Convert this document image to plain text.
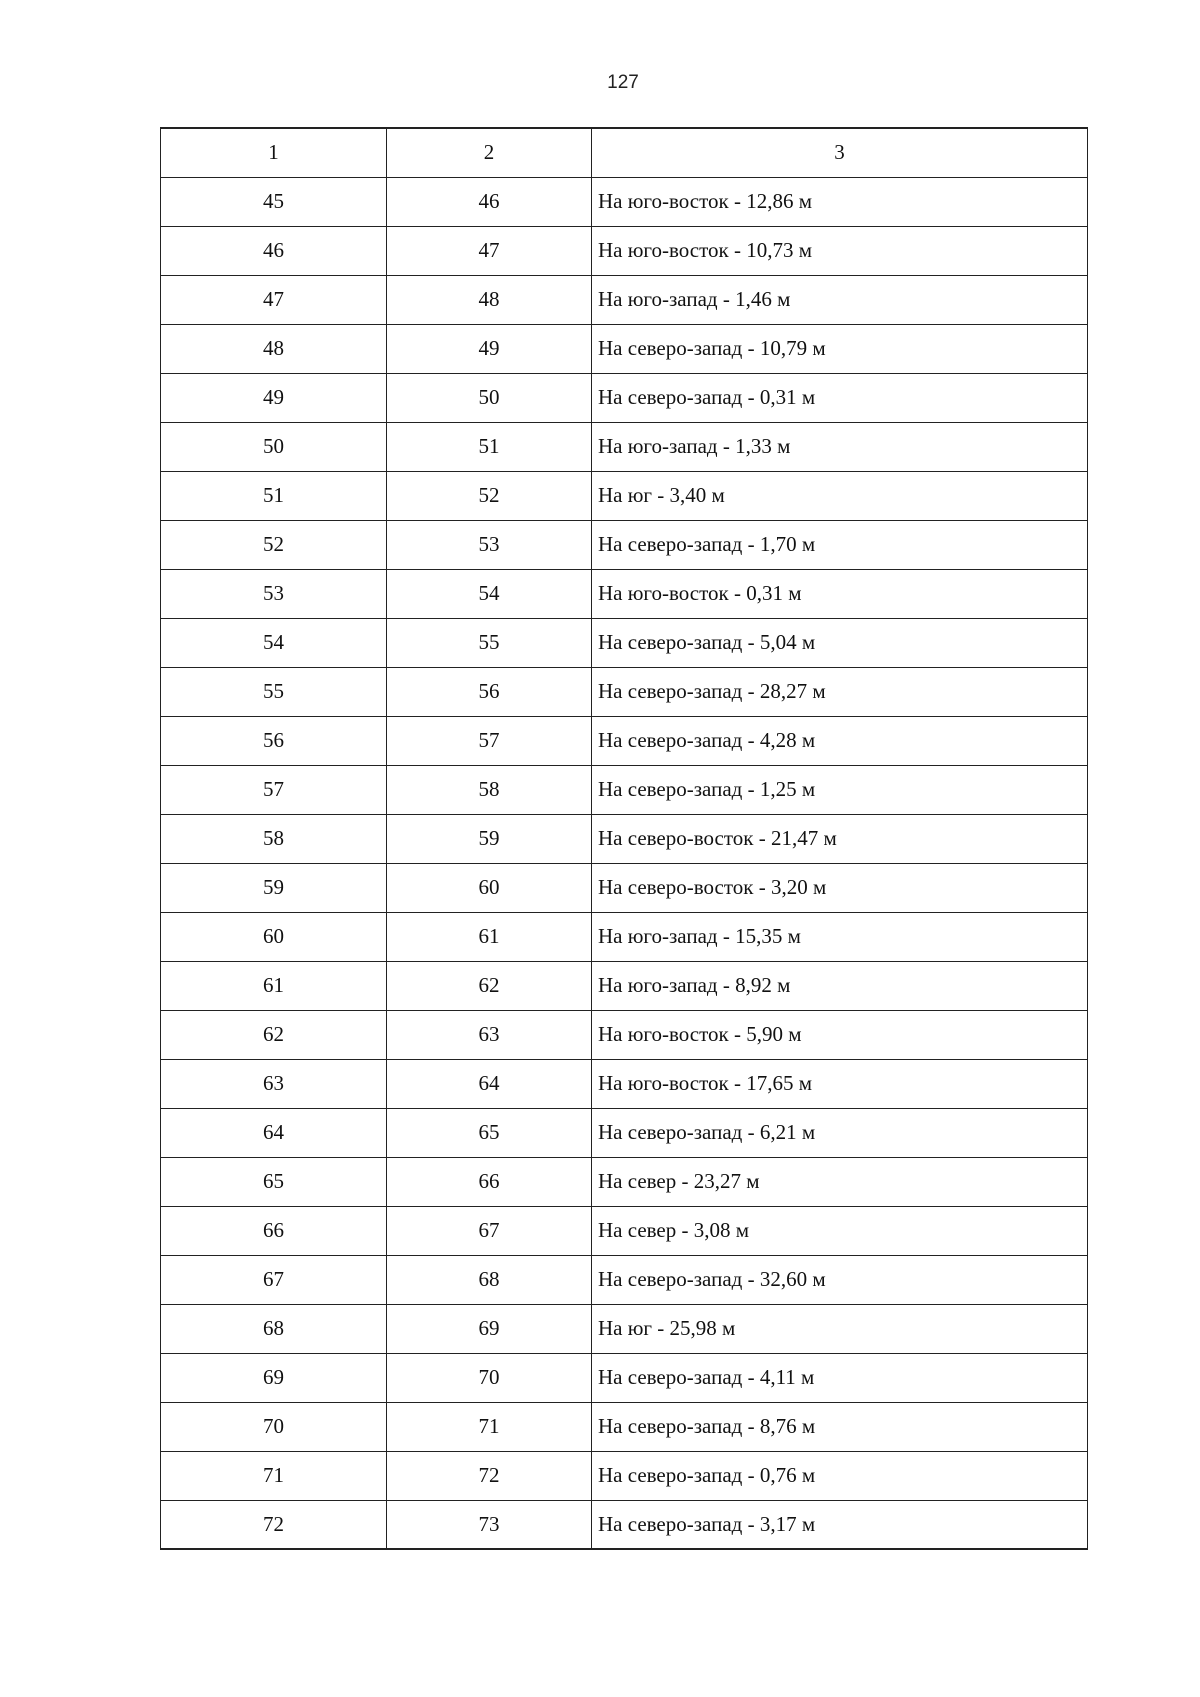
127
1	2	3
45	46	На юго-восток - 12,86 м
46	47	На юго-восток - 10,73 м
47	48	На юго-запад - 1,46 м
48	49	На северо-запад - 10,79 м
49	50	На северо-запад - 0,31 м
50	51	На юго-запад - 1,33 м
51	52	На юг - 3,40 м
52	53	На северо-запад - 1,70 м
53	54	На юго-восток - 0,31 м
54	55	На северо-запад - 5,04 м
55	56	На северо-запад - 28,27 м
56	57	На северо-запад - 4,28 м
57	58	На северо-запад - 1,25 м
58	59	На северо-восток - 21,47 м
59	60	На северо-восток - 3,20 м
60	61	На юго-запад - 15,35 м
61	62	На юго-запад - 8,92 м
62	63	На юго-восток - 5,90 м
63	64	На юго-восток - 17,65 м
64	65	На северо-запад - 6,21 м
65	66	На север - 23,27 м
66	67	На север - 3,08 м
67	68	На северо-запад - 32,60 м
68	69	На юг - 25,98 м
69	70	На северо-запад - 4,11 м
70	71	На северо-запад - 8,76 м
71	72	На северо-запад - 0,76 м
72	73	На северо-запад - 3,17 м
